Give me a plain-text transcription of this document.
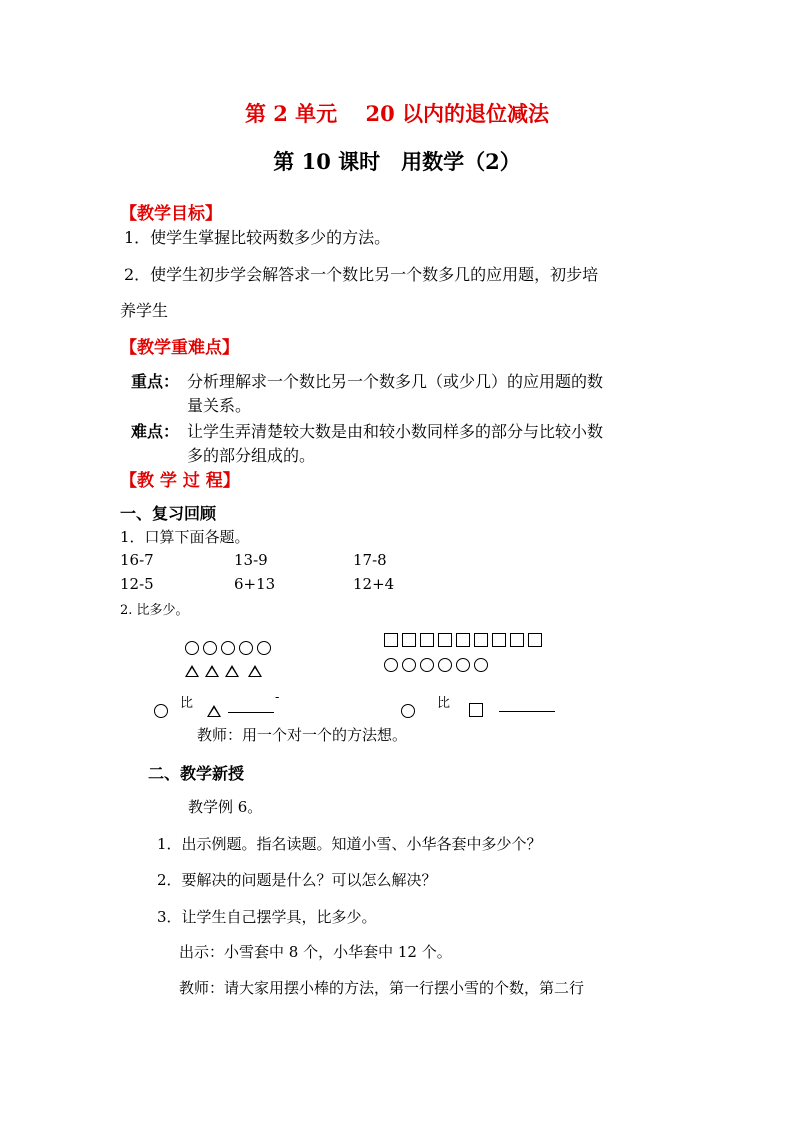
第 2 单元　 20 以内的退位减法
第 10 课时　用数学（2）
【教学目标】
1．使学生掌握比较两数多少的方法。
2．使学生初步学会解答求一个数比另一个数多几的应用题，初步培
养学生
【教学重难点】
重点： 分析理解求一个数比另一个数多几（或少几）的应用题的数
量关系。
难点： 让学生弄清楚较大数是由和较小数同样多的部分与比较小数
多的部分组成的。
【教 学 过 程】
一、复习回顾
1．口算下面各题。
16-7	13-9	17-8
12-5	6+13	12+4
2. 比多少。
比	-	比
教师：用一个对一个的方法想。
二、教学新授
教学例 6。
1．出示例题。指名读题。知道小雪、小华各套中多少个？
2．要解决的问题是什么？可以怎么解决？
3．让学生自己摆学具，比多少。
出示：小雪套中 8 个，小华套中 12 个。
教师：请大家用摆小棒的方法，第一行摆小雪的个数，第二行
